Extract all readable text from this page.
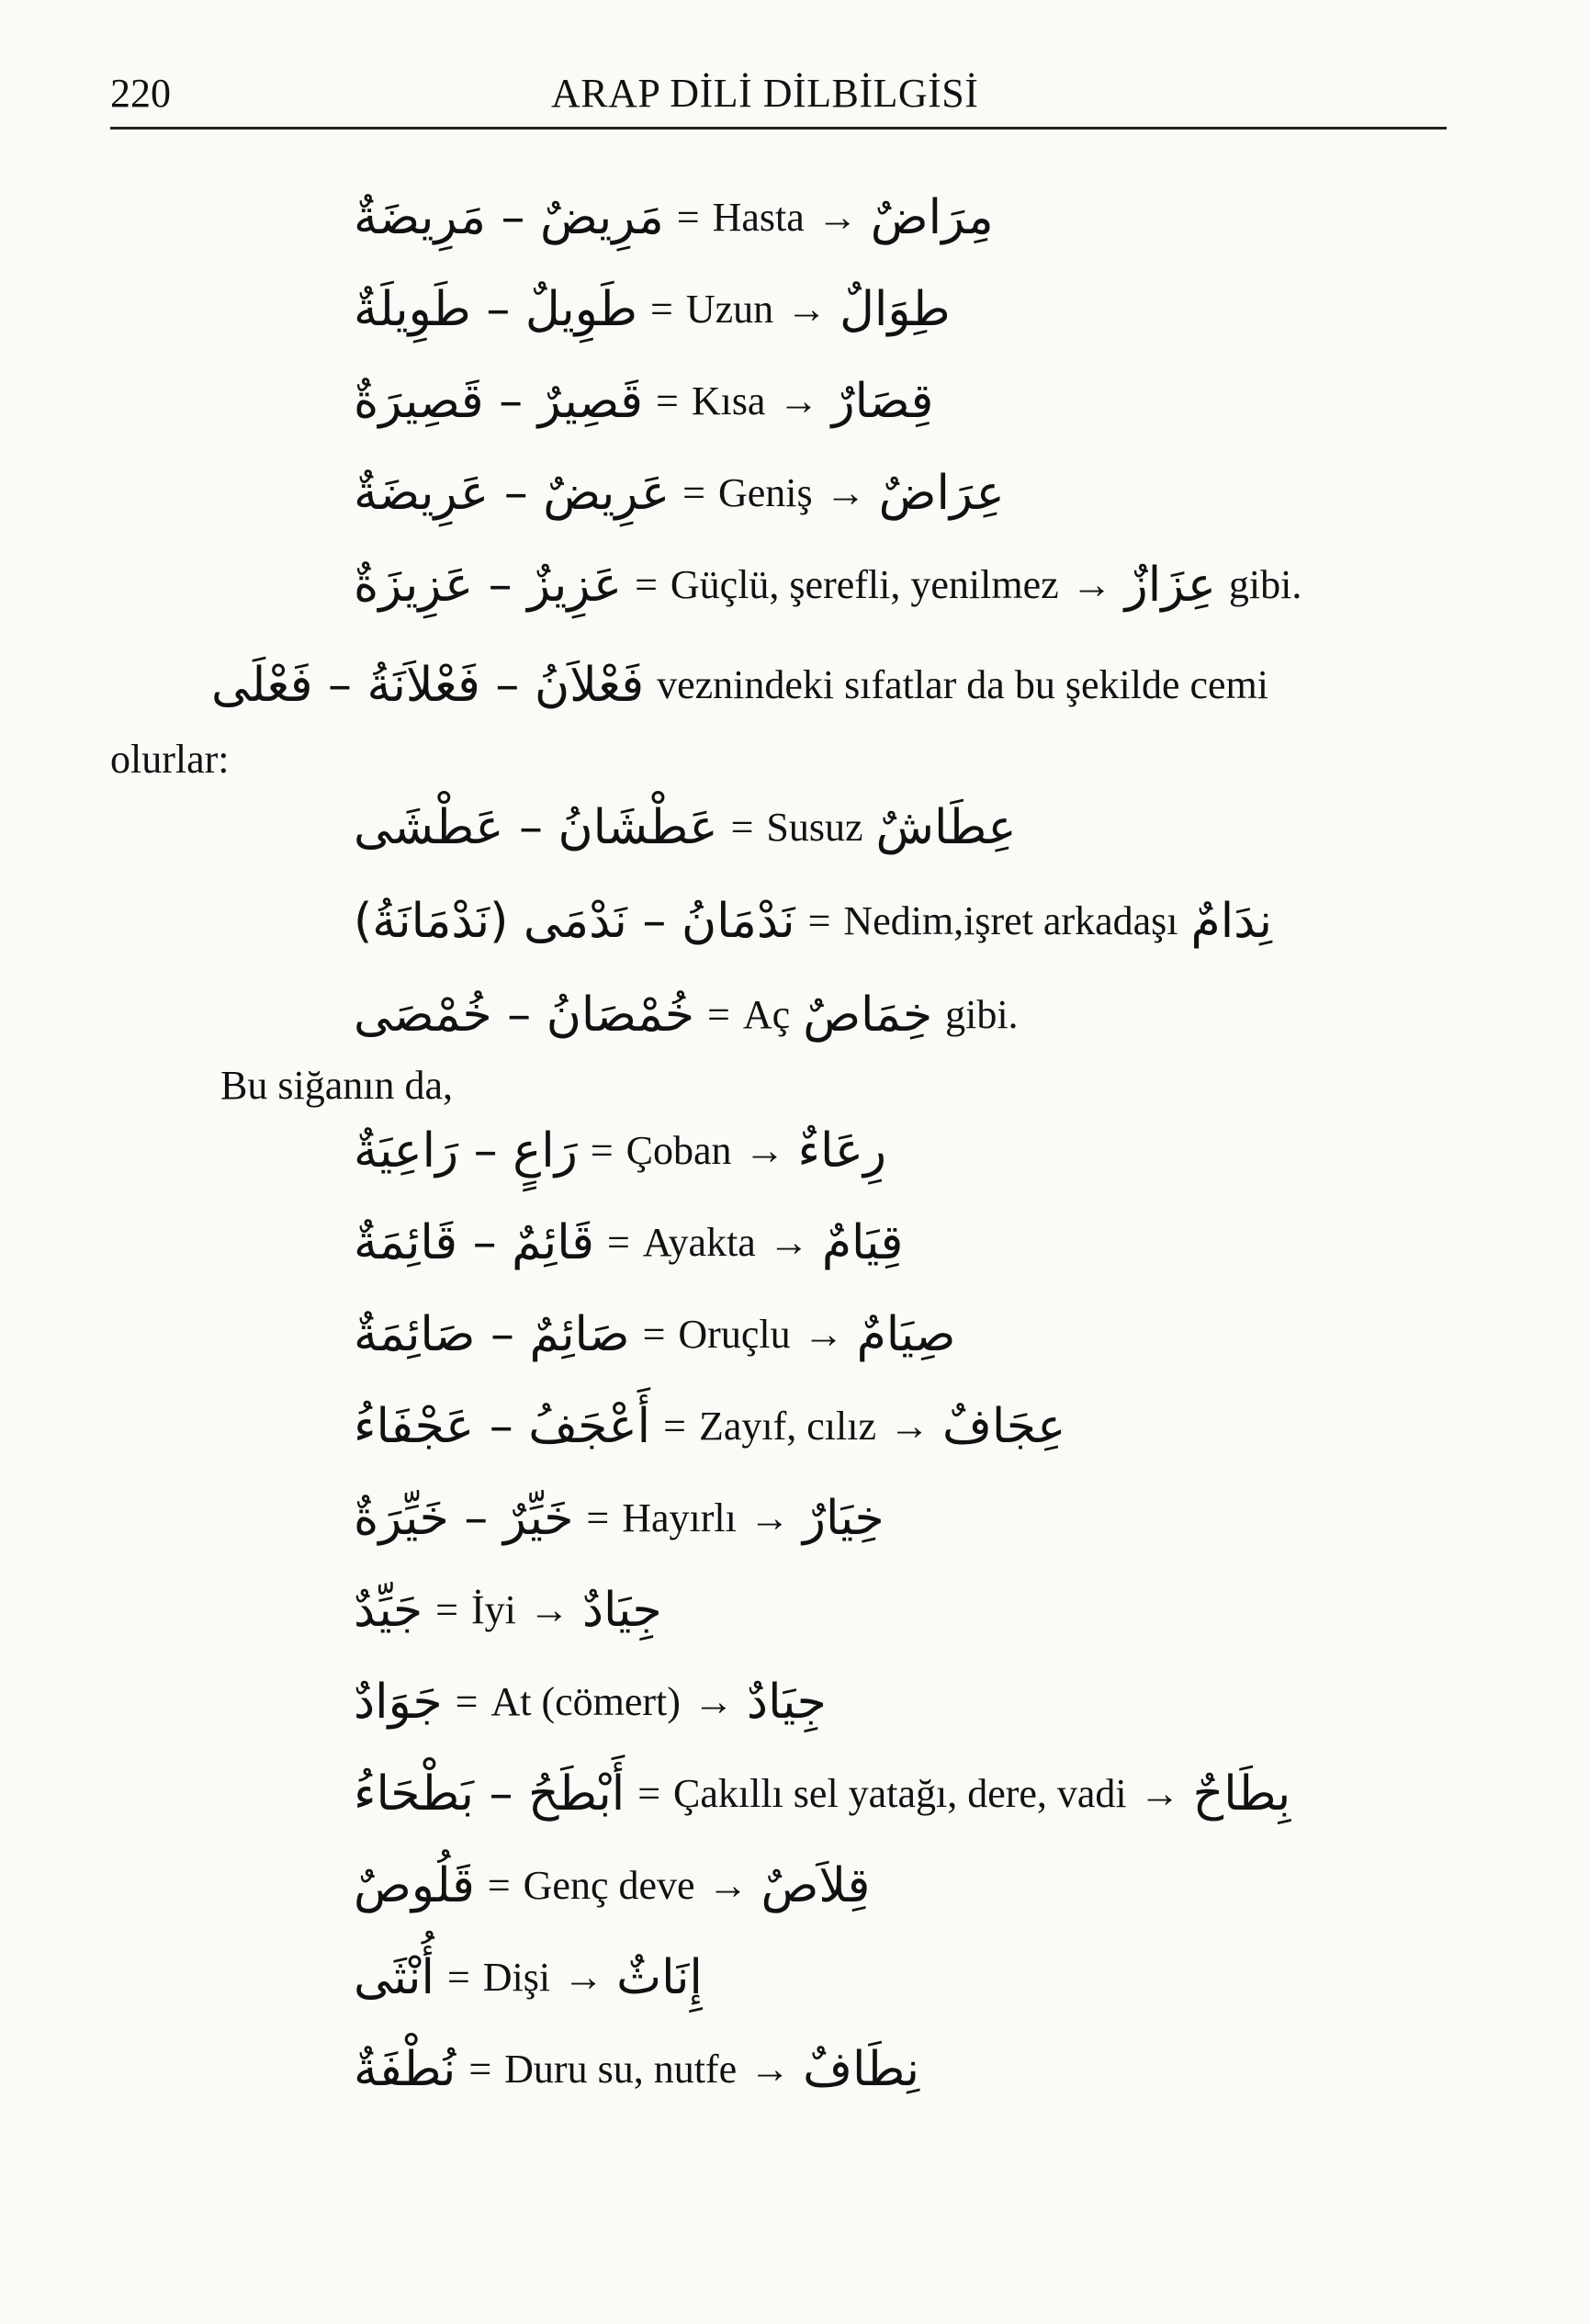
220	ARAP DİLİ DİLBİLGİSİ
مَرِيضٌ – مَرِيضَةٌ = Hasta → مِرَاضٌ
طَوِيلٌ – طَوِيلَةٌ = Uzun → طِوَالٌ
قَصِيرٌ – قَصِيرَةٌ = Kısa → قِصَارٌ
عَرِيضٌ – عَرِيضَةٌ = Geniş → عِرَاضٌ
عَزِيزٌ – عَزِيزَةٌ = Güçlü, şerefli, yenilmez → عِزَازٌ gibi.
فَعْلاَنُ – فَعْلاَنَةُ – فَعْلَى veznindeki sıfatlar da bu şekilde cemi
olurlar:
عَطْشَانُ – عَطْشَى = Susuz عِطَاشٌ
نَدْمَانُ – نَدْمَى (نَدْمَانَةُ) = Nedim,işret arkadaşı نِدَامٌ
خُمْصَانُ – خُمْصَى = Aç خِمَاصٌ gibi.
Bu siğanın da,
رَاعٍ – رَاعِيَةٌ = Çoban → رِعَاءٌ
قَائِمٌ – قَائِمَةٌ = Ayakta → قِيَامٌ
صَائِمٌ – صَائِمَةٌ = Oruçlu → صِيَامٌ
أَعْجَفُ – عَجْفَاءُ = Zayıf, cılız → عِجَافٌ
خَيِّرٌ – خَيِّرَةٌ = Hayırlı → خِيَارٌ
جَيِّدٌ = İyi → جِيَادٌ
جَوَادٌ = At (cömert) → جِيَادٌ
أَبْطَحُ – بَطْحَاءُ = Çakıllı sel yatağı, dere, vadi → بِطَاحٌ
قَلُوصٌ = Genç deve → قِلاَصٌ
أُنْثَى = Dişi → إِنَاثٌ
نُطْفَةٌ = Duru su, nutfe → نِطَافٌ
